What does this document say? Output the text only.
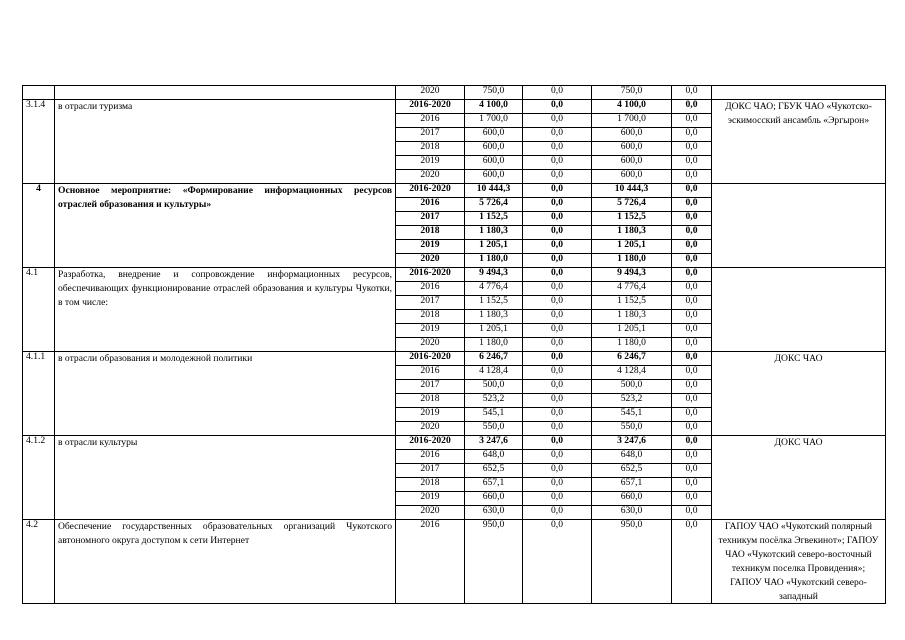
		2020	750,0	0,0	750,0	0,0	
3.1.4	в отрасли туризма	2016-2020	4 100,0	0,0	4 100,0	0,0	ДОКС ЧАО; ГБУК ЧАО «Чукотско-эскимосский ансамбль «Эргырон»
		2016	1 700,0	0,0	1 700,0	0,0	
		2017	600,0	0,0	600,0	0,0	
		2018	600,0	0,0	600,0	0,0	
		2019	600,0	0,0	600,0	0,0	
		2020	600,0	0,0	600,0	0,0	
4	Основное мероприятие: «Формирование информационных ресурсов отраслей образования и культуры»	2016-2020	10 444,3	0,0	10 444,3	0,0	
		2016	5 726,4	0,0	5 726,4	0,0	
		2017	1 152,5	0,0	1 152,5	0,0	
		2018	1 180,3	0,0	1 180,3	0,0	
		2019	1 205,1	0,0	1 205,1	0,0	
		2020	1 180,0	0,0	1 180,0	0,0	
4.1	Разработка, внедрение и сопровождение информационных ресурсов, обеспечивающих функционирование отраслей образования и культуры Чукотки, в том числе:	2016-2020	9 494,3	0,0	9 494,3	0,0	
		2016	4 776,4	0,0	4 776,4	0,0	
		2017	1 152,5	0,0	1 152,5	0,0	
		2018	1 180,3	0,0	1 180,3	0,0	
		2019	1 205,1	0,0	1 205,1	0,0	
		2020	1 180,0	0,0	1 180,0	0,0	
4.1.1	в отрасли образования и молодежной политики	2016-2020	6 246,7	0,0	6 246,7	0,0	ДОКС ЧАО
		2016	4 128,4	0,0	4 128,4	0,0	
		2017	500,0	0,0	500,0	0,0	
		2018	523,2	0,0	523,2	0,0	
		2019	545,1	0,0	545,1	0,0	
		2020	550,0	0,0	550,0	0,0	
4.1.2	в отрасли культуры	2016-2020	3 247,6	0,0	3 247,6	0,0	ДОКС ЧАО
		2016	648,0	0,0	648,0	0,0	
		2017	652,5	0,0	652,5	0,0	
		2018	657,1	0,0	657,1	0,0	
		2019	660,0	0,0	660,0	0,0	
		2020	630,0	0,0	630,0	0,0	
4.2	Обеспечение государственных образовательных организаций Чукотского автономного округа доступом к сети Интернет	2016	950,0	0,0	950,0	0,0	ГАПОУ ЧАО «Чукотский полярный техникум посёлка Эгвекинот»; ГАПОУ ЧАО «Чукотский северо-восточный техникум поселка Провидения»; ГАПОУ ЧАО «Чукотский северо-западный
